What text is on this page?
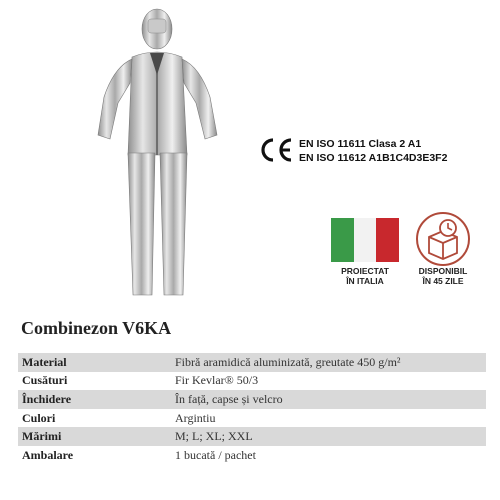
EN ISO 11611 Clasa 2 A1
EN ISO 11612 A1B1C4D3E3F2
PROIECTAT
ÎN ITALIA
DISPONIBIL
ÎN 45 ZILE
Combinezon V6KA
Material	Fibră aramidică aluminizată, greutate 450 g/m²
Cusături	Fir Kevlar® 50/3
Închidere	În față, capse și velcro
Culori	Argintiu
Mărimi	M; L; XL; XXL
Ambalare	1 bucată / pachet
